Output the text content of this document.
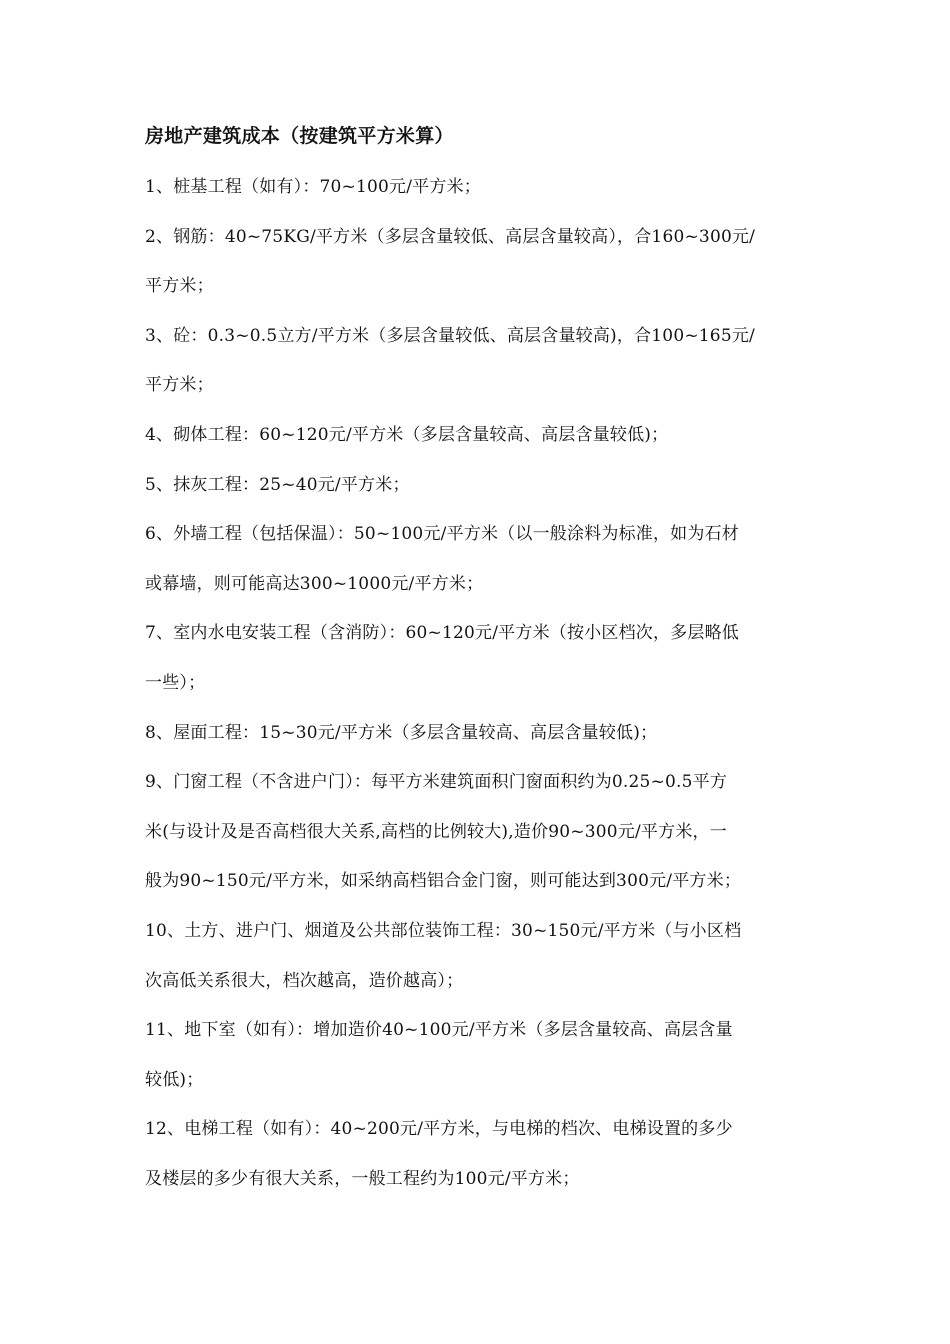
房地产建筑成本（按建筑平方米算）
1、桩基工程（如有）：70~100元/平方米；
2、钢筋：40~75KG/平方米（多层含量较低、高层含量较高），合160~300元/
平方米；
3、砼：0.3~0.5立方/平方米（多层含量较低、高层含量较高)，合100~165元/
平方米；
4、砌体工程：60~120元/平方米（多层含量较高、高层含量较低)；
5、抹灰工程：25~40元/平方米；
6、外墙工程（包括保温）：50~100元/平方米（以一般涂料为标准，如为石材
或幕墙，则可能高达300~1000元/平方米；
7、室内水电安装工程（含消防）：60~120元/平方米（按小区档次，多层略低
一些）；
8、屋面工程：15~30元/平方米（多层含量较高、高层含量较低)；
9、门窗工程（不含进户门）：每平方米建筑面积门窗面积约为0.25~0.5平方
米(与设计及是否高档很大关系,高档的比例较大),造价90~300元/平方米，一
般为90~150元/平方米，如采纳高档铝合金门窗，则可能达到300元/平方米；
10、土方、进户门、烟道及公共部位装饰工程：30~150元/平方米（与小区档
次高低关系很大，档次越高，造价越高）；
11、地下室（如有）：增加造价40~100元/平方米（多层含量较高、高层含量
较低)；
12、电梯工程（如有）：40~200元/平方米，与电梯的档次、电梯设置的多少
及楼层的多少有很大关系，一般工程约为100元/平方米；
